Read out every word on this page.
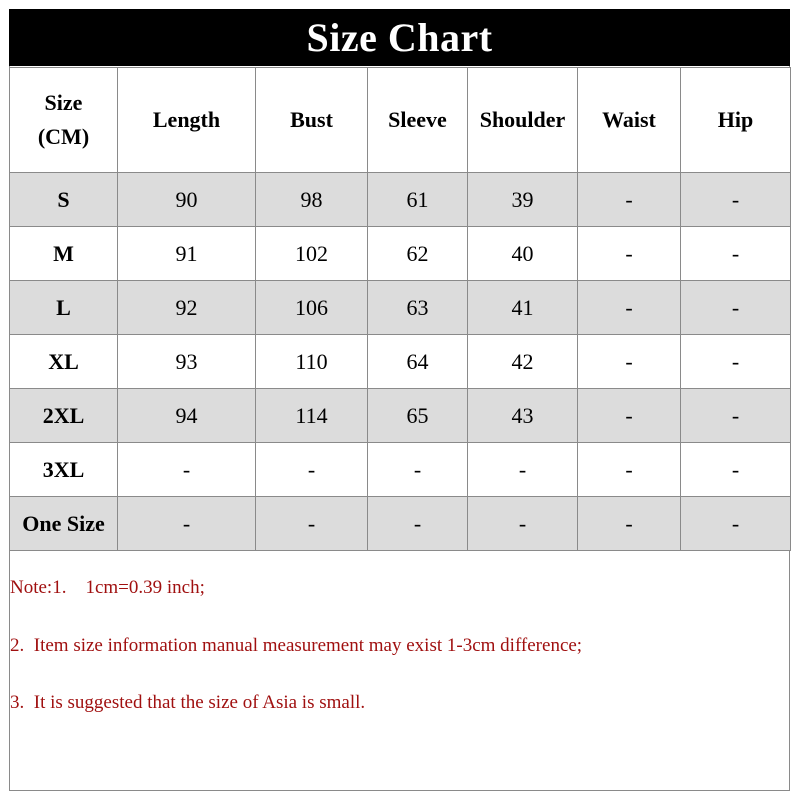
Size Chart
Size
(CM)	Length	Bust	Sleeve	Shoulder	Waist	Hip
S	90	98	61	39	-	-
M	91	102	62	40	-	-
L	92	106	63	41	-	-
XL	93	110	64	42	-	-
2XL	94	114	65	43	-	-
3XL	-	-	-	-	-	-
One Size	-	-	-	-	-	-
Note:1.    1cm=0.39 inch;
2.  Item size information manual measurement may exist 1-3cm difference;
3.  It is suggested that the size of Asia is small.
